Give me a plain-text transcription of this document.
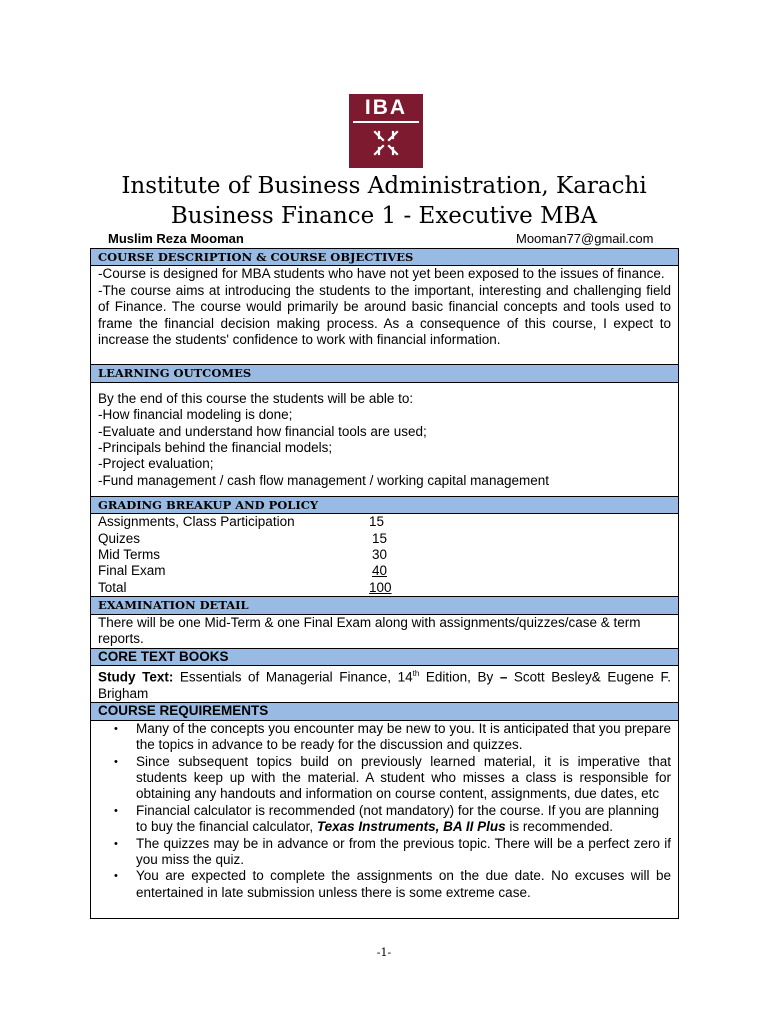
IBA
Institute of Business Administration, Karachi
Business Finance 1 - Executive MBA
Muslim Reza Mooman	Mooman77@gmail.com
COURSE DESCRIPTION & COURSE OBJECTIVES

-Course is designed for MBA students who have not yet been exposed to the issues of finance.

-The course aims at introducing the students to the important, interesting and challenging field of Finance. The course would primarily be around basic financial concepts and tools used to frame the financial decision making process. As a consequence of this course, I expect to increase the students' confidence to work with financial information.

LEARNING OUTCOMES

By the end of this course the students will be able to:

-How financial modeling is done;

-Evaluate and understand how financial tools are used;

-Principals behind the financial models;

-Project evaluation;

-Fund management / cash flow management / working capital management

GRADING BREAKUP AND POLICY

Assignments, Class Participation	15
Quizes	15
Mid Terms	30
Final Exam	40
Total	100

EXAMINATION DETAIL

There will be one Mid-Term & one Final Exam along with assignments/quizzes/case & term reports.

CORE TEXT BOOKS

Study Text: Essentials of Managerial Finance, 14th Edition, By – Scott Besley& Eugene F. Brigham

COURSE REQUIREMENTS

• Many of the concepts you encounter may be new to you. It is anticipated that you prepare the topics in advance to be ready for the discussion and quizzes.
• Since subsequent topics build on previously learned material, it is imperative that students keep up with the material. A student who misses a class is responsible for obtaining any handouts and information on course content, assignments, due dates, etc
• Financial calculator is recommended (not mandatory) for the course. If you are planning to buy the financial calculator, Texas Instruments, BA II Plus is recommended.
• The quizzes may be in advance or from the previous topic. There will be a perfect zero if you miss the quiz.
• You are expected to complete the assignments on the due date. No excuses will be entertained in late submission unless there is some extreme case.
-1-
